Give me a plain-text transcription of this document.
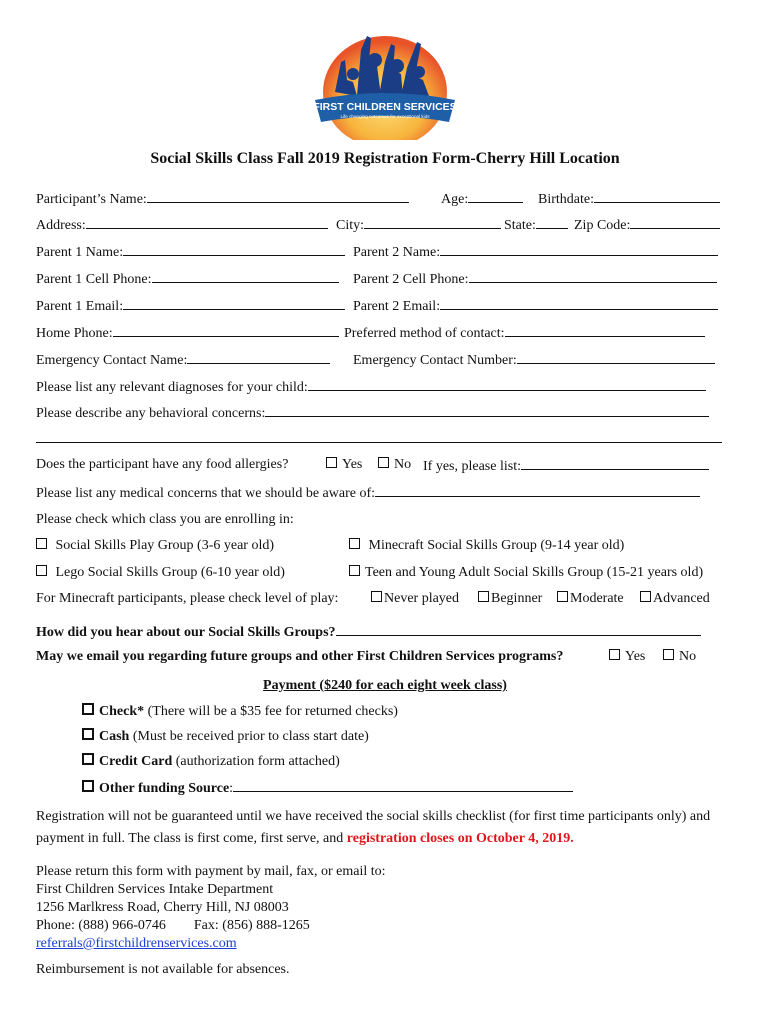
FIRST CHILDREN SERVICES
Life changing outcomes for exceptional kids
Social Skills Class Fall 2019 Registration Form-Cherry Hill Location
Participant’s Name:	Age:	Birthdate:
Address:	City:	State:	Zip Code:
Parent 1 Name:	Parent 2 Name:
Parent 1 Cell Phone:	Parent 2 Cell Phone:
Parent 1 Email:	Parent 2 Email:
Home Phone:	Preferred method of contact:
Emergency Contact Name:	Emergency Contact Number:
Please list any relevant diagnoses for your child:
Please describe any behavioral concerns:
Does the participant have any food allergies?	Yes	No If yes, please list:
Please list any medical concerns that we should be aware of:
Please check which class you are enrolling in:
Social Skills Play Group (3-6 year old)	Minecraft Social Skills Group (9-14 year old)
Lego Social Skills Group (6-10 year old)	Teen and Young Adult Social Skills Group (15-21 years old)
For Minecraft participants, please check level of play:	Never played	Beginner	Moderate	Advanced
How did you hear about our Social Skills Groups?
May we email you regarding future groups and other First Children Services programs?	Yes	No
Payment ($240 for each eight week class)
Check* (There will be a $35 fee for returned checks)
Cash (Must be received prior to class start date)
Credit Card (authorization form attached)
Other funding Source:
Registration will not be guaranteed until we have received the social skills checklist (for first time participants only) and payment in full. The class is first come, first serve, and registration closes on October 4, 2019.
Please return this form with payment by mail, fax, or email to:
First Children Services Intake Department
1256 Marlkress Road, Cherry Hill, NJ 08003
Phone: (888) 966-0746 Fax: (856) 888-1265
referrals@firstchildrenservices.com
Reimbursement is not available for absences.
